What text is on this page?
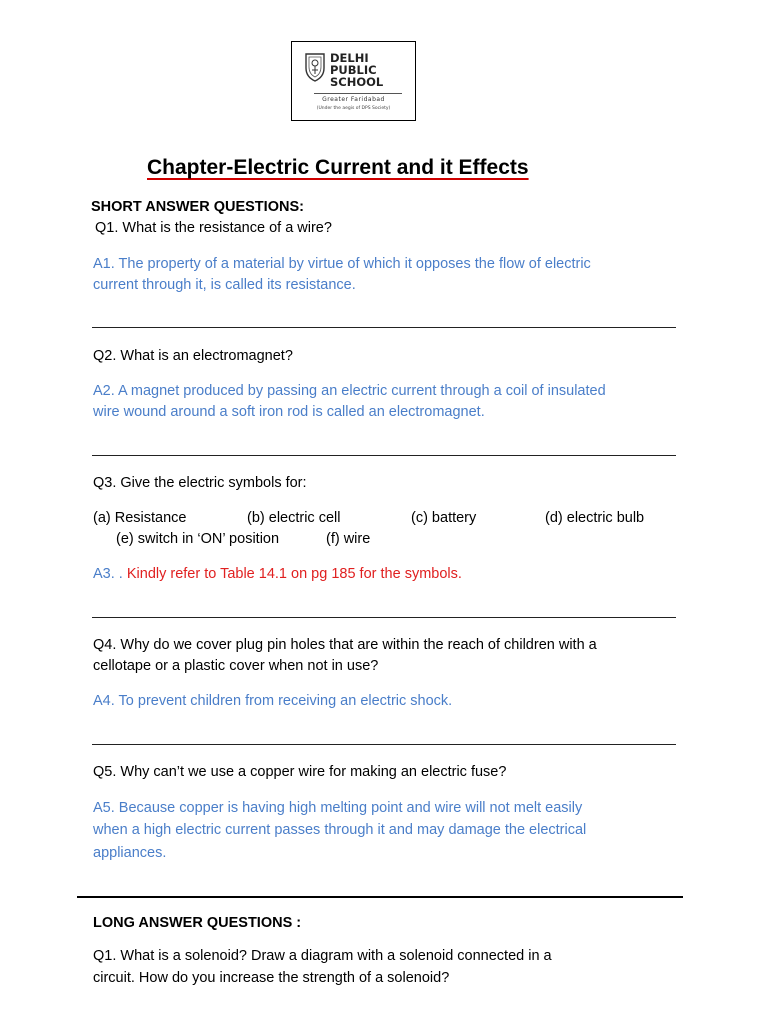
DELHI
PUBLIC
SCHOOL
Greater Faridabad
(Under the aegis of DPS Society)
Chapter-Electric Current and it Effects
SHORT ANSWER QUESTIONS:
Q1. What is the resistance of a wire?
A1. The property of a material by virtue of which it opposes the flow of electric
current through it, is called its resistance.
Q2. What is an electromagnet?
A2. A magnet produced by passing an electric current through a coil of insulated
wire wound around a soft iron rod is called an electromagnet.
Q3. Give the electric symbols for:
(a) Resistance	(b) electric cell	(c) battery	(d) electric bulb
(e) switch in ‘ON’ position	(f) wire
A3. . Kindly refer to Table 14.1 on pg 185 for the symbols.
Q4. Why do we cover plug pin holes that are within the reach of children with a
cellotape or a plastic cover when not in use?
A4. To prevent children from receiving an electric shock.
Q5. Why can’t we use a copper wire for making an electric fuse?
A5. Because copper is having high melting point and wire will not melt easily
when a high electric current passes through it and may damage the electrical
appliances.
LONG ANSWER QUESTIONS :
Q1. What is a solenoid? Draw a diagram with a solenoid connected in a
circuit. How do you increase the strength of a solenoid?
